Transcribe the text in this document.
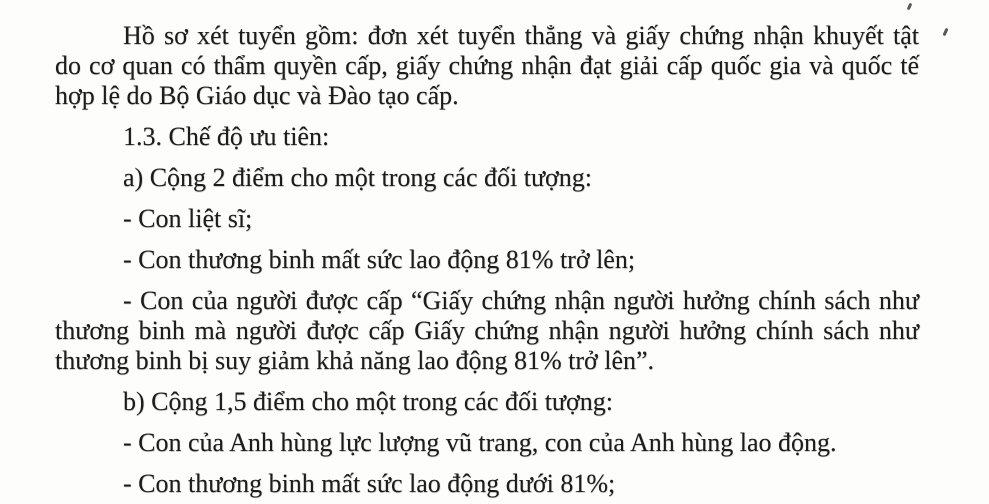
Hồ sơ xét tuyển gồm: đơn xét tuyển thẳng và giấy chứng nhận khuyết tật
do cơ quan có thẩm quyền cấp, giấy chứng nhận đạt giải cấp quốc gia và quốc tế
hợp lệ do Bộ Giáo dục và Đào tạo cấp.

1.3. Chế độ ưu tiên:

a) Cộng 2 điểm cho một trong các đối tượng:

- Con liệt sĩ;

- Con thương binh mất sức lao động 81% trở lên;

- Con của người được cấp “Giấy chứng nhận người hưởng chính sách như
thương binh mà người được cấp Giấy chứng nhận người hưởng chính sách như
thương binh bị suy giảm khả năng lao động 81% trở lên”.

b) Cộng 1,5 điểm cho một trong các đối tượng:

- Con của Anh hùng lực lượng vũ trang, con của Anh hùng lao động.

- Con thương binh mất sức lao động dưới 81%;
